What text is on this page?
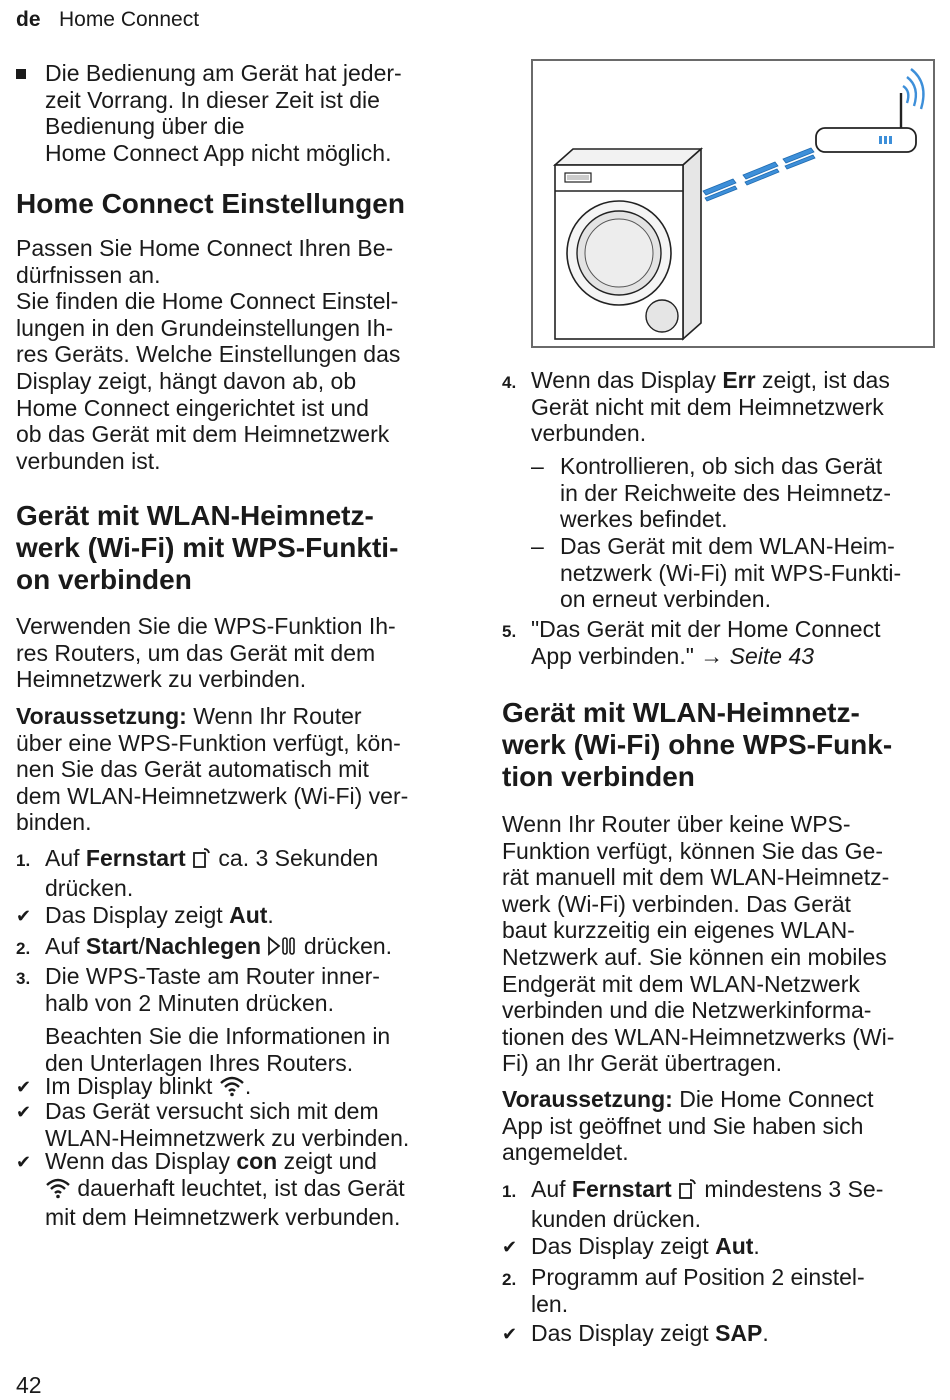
de Home Connect
Die Bedienung am Gerät hat jeder-
zeit Vorrang. In dieser Zeit ist die
Bedienung über die
Home Connect App nicht möglich.
Home Connect Einstellungen
Passen Sie Home Connect Ihren Be-
dürfnissen an.
Sie finden die Home Connect Einstel-
lungen in den Grundeinstellungen Ih-
res Geräts. Welche Einstellungen das
Display zeigt, hängt davon ab, ob
Home Connect eingerichtet ist und
ob das Gerät mit dem Heimnetzwerk
verbunden ist.
Gerät mit WLAN-Heimnetz-
werk (Wi-Fi) mit WPS-Funkti-
on verbinden
Verwenden Sie die WPS-Funktion Ih-
res Routers, um das Gerät mit dem
Heimnetzwerk zu verbinden.
Voraussetzung: Wenn Ihr Router
über eine WPS-Funktion verfügt, kön-
nen Sie das Gerät automatisch mit
dem WLAN-Heimnetzwerk (Wi-Fi) ver-
binden.
1. Auf Fernstart  ca. 3 Sekunden
drücken.
✔ Das Display zeigt Aut.
2. Auf Start/Nachlegen  drücken.
3. Die WPS-Taste am Router inner-
halb von 2 Minuten drücken.
Beachten Sie die Informationen in
den Unterlagen Ihres Routers.
✔ Im Display blinkt .
✔ Das Gerät versucht sich mit dem
WLAN-Heimnetzwerk zu verbinden.
✔ Wenn das Display con zeigt und
dauerhaft leuchtet, ist das Gerät
mit dem Heimnetzwerk verbunden.
42
4. Wenn das Display Err zeigt, ist das
Gerät nicht mit dem Heimnetzwerk
verbunden.
– Kontrollieren, ob sich das Gerät
in der Reichweite des Heimnetz-
werkes befindet.
– Das Gerät mit dem WLAN-Heim-
netzwerk (Wi-Fi) mit WPS-Funkti-
on erneut verbinden.
5. "Das Gerät mit der Home Connect
App verbinden." → Seite 43
Gerät mit WLAN-Heimnetz-
werk (Wi-Fi) ohne WPS-Funk-
tion verbinden
Wenn Ihr Router über keine WPS-
Funktion verfügt, können Sie das Ge-
rät manuell mit dem WLAN-Heimnetz-
werk (Wi-Fi) verbinden. Das Gerät
baut kurzzeitig ein eigenes WLAN-
Netzwerk auf. Sie können ein mobiles
Endgerät mit dem WLAN-Netzwerk
verbinden und die Netzwerkinforma-
tionen des WLAN-Heimnetzwerks (Wi-
Fi) an Ihr Gerät übertragen.
Voraussetzung: Die Home Connect
App ist geöffnet und Sie haben sich
angemeldet.
1. Auf Fernstart  mindestens 3 Se-
kunden drücken.
✔ Das Display zeigt Aut.
2. Programm auf Position 2 einstel-
len.
✔ Das Display zeigt SAP.
